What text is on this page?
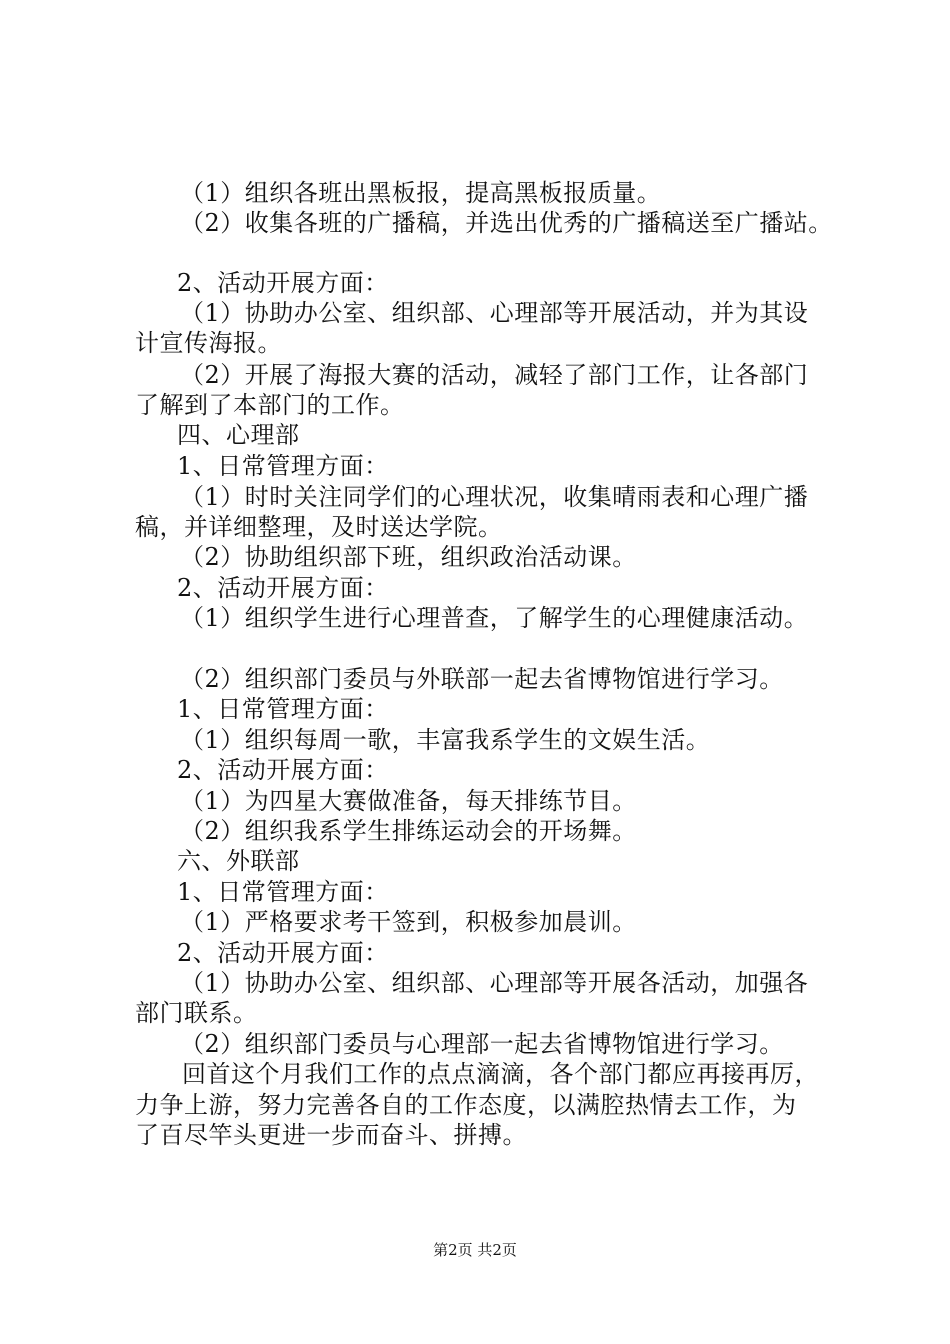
（1）组织各班出黑板报，提高黑板报质量。
（2）收集各班的广播稿，并选出优秀的广播稿送至广播站。
2、活动开展方面：
（1）协助办公室、组织部、心理部等开展活动，并为其设
计宣传海报。
（2）开展了海报大赛的活动，减轻了部门工作，让各部门
了解到了本部门的工作。
四、心理部
1、日常管理方面：
（1）时时关注同学们的心理状况，收集晴雨表和心理广播
稿，并详细整理，及时送达学院。
（2）协助组织部下班，组织政治活动课。
2、活动开展方面：
（1）组织学生进行心理普查，了解学生的心理健康活动。
（2）组织部门委员与外联部一起去省博物馆进行学习。
1、日常管理方面：
（1）组织每周一歌，丰富我系学生的文娱生活。
2、活动开展方面：
（1）为四星大赛做准备，每天排练节目。
（2）组织我系学生排练运动会的开场舞。
六、外联部
1、日常管理方面：
（1）严格要求考干签到，积极参加晨训。
2、活动开展方面：
（1）协助办公室、组织部、心理部等开展各活动，加强各
部门联系。
（2）组织部门委员与心理部一起去省博物馆进行学习。
回首这个月我们工作的点点滴滴，各个部门都应再接再厉，
力争上游，努力完善各自的工作态度，以满腔热情去工作，为
了百尽竿头更进一步而奋斗、拼搏。
第2页 共2页
